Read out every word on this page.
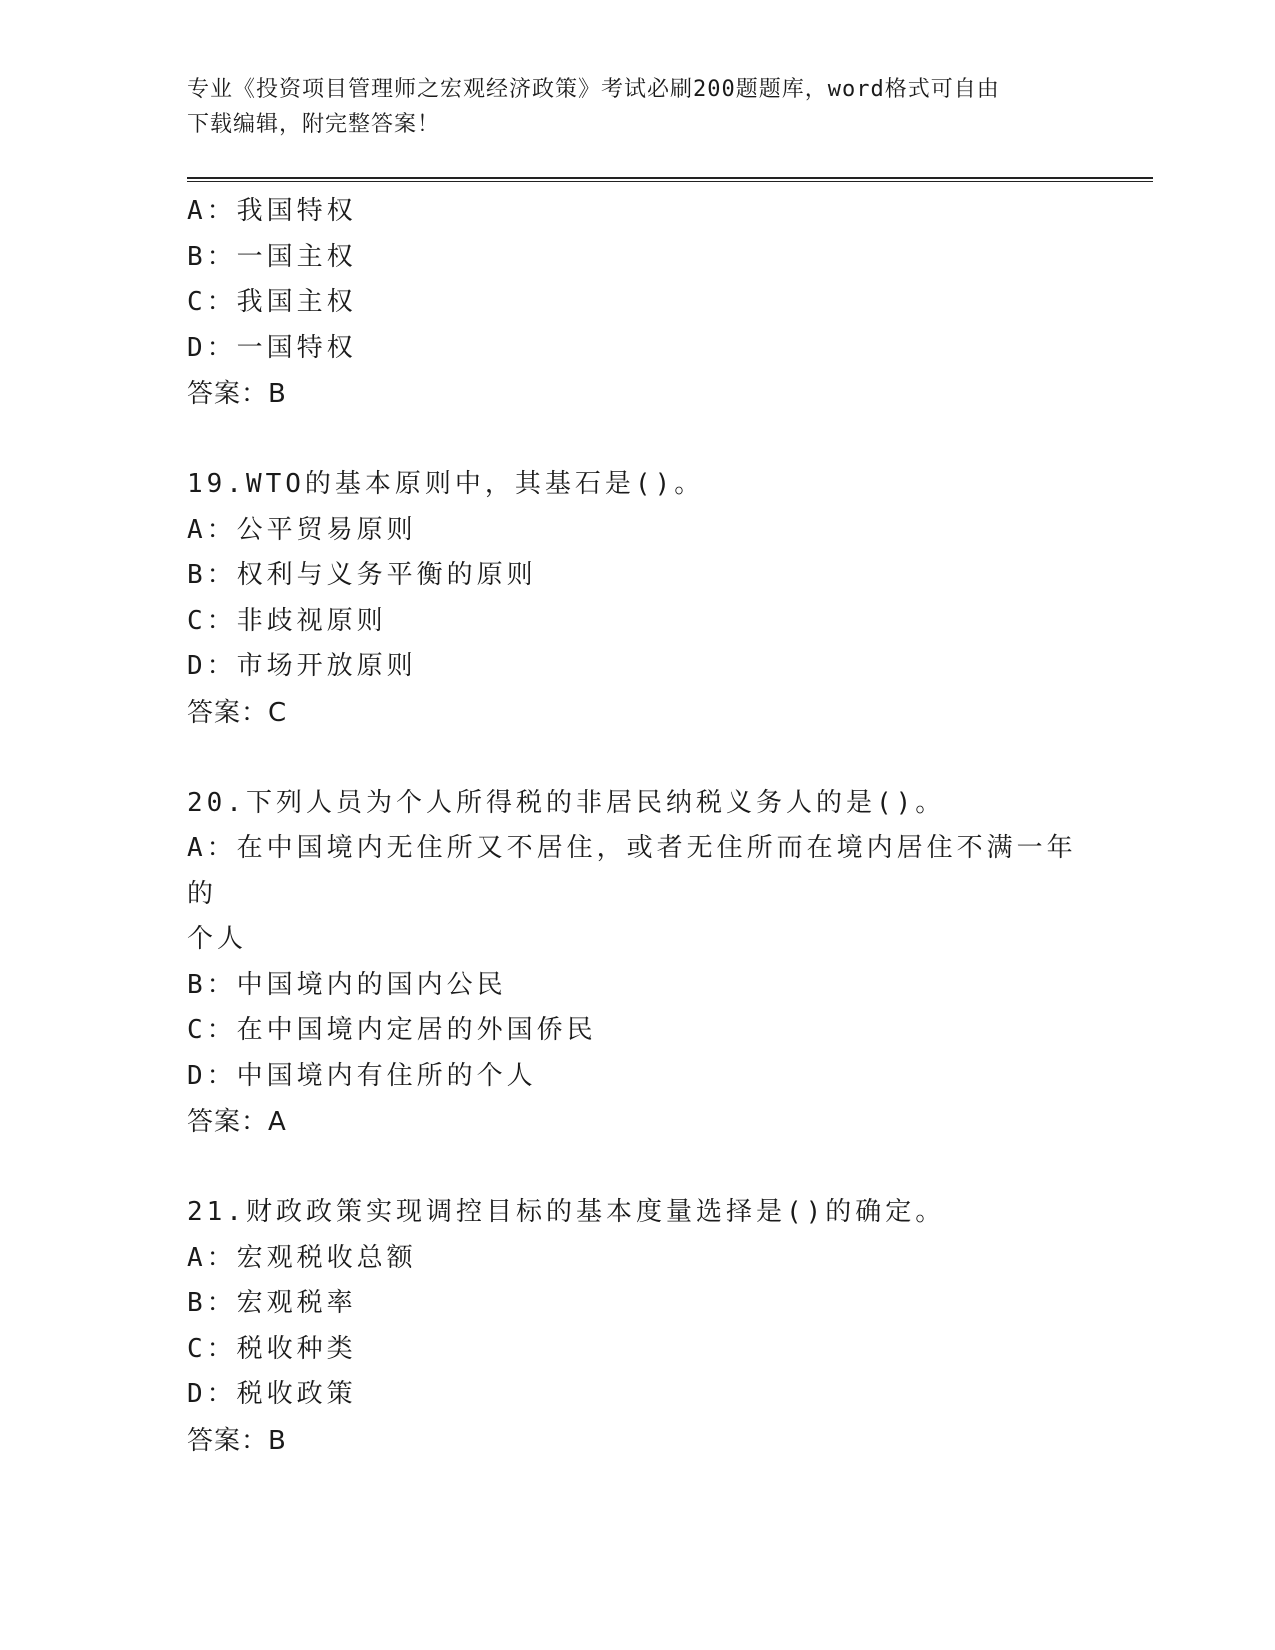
专业《投资项目管理师之宏观经济政策》考试必刷200题题库，word格式可自由
下载编辑，附完整答案！
A：我国特权
B：一国主权
C：我国主权
D：一国特权
答案：B
19.WTO的基本原则中，其基石是()。
A：公平贸易原则
B：权利与义务平衡的原则
C：非歧视原则
D：市场开放原则
答案：C
20.下列人员为个人所得税的非居民纳税义务人的是()。
A：在中国境内无住所又不居住，或者无住所而在境内居住不满一年的
个人
B：中国境内的国内公民
C：在中国境内定居的外国侨民
D：中国境内有住所的个人
答案：A
21.财政政策实现调控目标的基本度量选择是()的确定。
A：宏观税收总额
B：宏观税率
C：税收种类
D：税收政策
答案：B
